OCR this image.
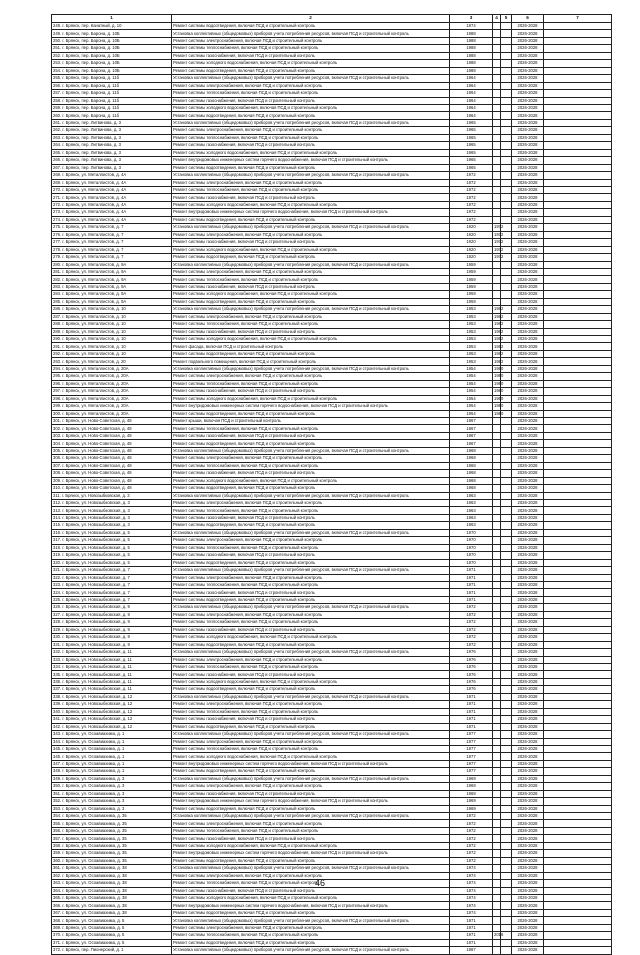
1	2	3	4	5	6	7
248. г. Брянск, пер. Канатный, д. 10	Ремонт системы водоотведения, включая ПСД и строительный контроль	1974			2026-2028	
249. г. Брянск, пер. Барона, д. 10Б	Установка коллективных (общедомовых) приборов учета потребления ресурсов, включая ПСД и строительный контроль	1988			2026-2028	
250. г. Брянск, пер. Барона, д. 10Б	Ремонт системы электроснабжения, включая ПСД и строительный контроль	1988			2026-2028	
251. г. Брянск, пер. Барона, д. 10Б	Ремонт системы теплоснабжения, включая ПСД и строительный контроль	1988			2026-2028	
252. г. Брянск, пер. Барона, д. 10Б	Ремонт системы газоснабжения, включая ПСД и строительный контроль	1988			2026-2028	
253. г. Брянск, пер. Барона, д. 10Б	Ремонт системы холодного водоснабжения, включая ПСД и строительный контроль	1988			2026-2028	
254. г. Брянск, пер. Барона, д. 10Б	Ремонт системы водоотведения, включая ПСД и строительный контроль	1988			2026-2028	
255. г. Брянск, пер. Барона, д. 11б	Установка коллективных (общедомовых) приборов учета потребления ресурсов, включая ПСД и строительный контроль	1964			2026-2028	
256. г. Брянск, пер. Барона, д. 11б	Ремонт системы электроснабжения, включая ПСД и строительный контроль	1964			2026-2028	
257. г. Брянск, пер. Барона, д. 11б	Ремонт системы теплоснабжения, включая ПСД и строительный контроль	1964			2026-2028	
258. г. Брянск, пер. Барона, д. 11б	Ремонт системы газоснабжения, включая ПСД и строительный контроль	1964			2026-2028	
259. г. Брянск, пер. Барона, д. 11б	Ремонт системы холодного водоснабжения, включая ПСД и строительный контроль	1964			2026-2028	
260. г. Брянск, пер. Барона, д. 11б	Ремонт системы водоотведения, включая ПСД и строительный контроль	1964			2026-2028	
261. г. Брянск, пер. Литвинова, д. 3	Установка коллективных (общедомовых) приборов учета потребления ресурсов, включая ПСД и строительный контроль	1965			2026-2028	
262. г. Брянск, пер. Литвинова, д. 3	Ремонт системы электроснабжения, включая ПСД и строительный контроль	1965			2026-2028	
263. г. Брянск, пер. Литвинова, д. 3	Ремонт системы теплоснабжения, включая ПСД и строительный контроль	1965			2026-2028	
264. г. Брянск, пер. Литвинова, д. 3	Ремонт системы газоснабжения, включая ПСД и строительный контроль	1965			2026-2028	
265. г. Брянск, пер. Литвинова, д. 3	Ремонт системы холодного водоснабжения, включая ПСД и строительный контроль	1965			2026-2028	
266. г. Брянск, пер. Литвинова, д. 3	Ремонт внутридомовых инженерных систем горячего водоснабжения, включая ПСД и строительный контроль	1965			2026-2028	
267. г. Брянск, пер. Литвинова, д. 3	Ремонт системы водоотведения, включая ПСД и строительный контроль	1965			2026-2028	
268. г. Брянск, ул. Металлистов, д. 4А	Установка коллективных (общедомовых) приборов учета потребления ресурсов, включая ПСД и строительный контроль	1972			2026-2028	
269. г. Брянск, ул. Металлистов, д. 4А	Ремонт системы электроснабжения, включая ПСД и строительный контроль	1972			2026-2028	
270. г. Брянск, ул. Металлистов, д. 4А	Ремонт системы теплоснабжения, включая ПСД и строительный контроль	1972			2026-2028	
271. г. Брянск, ул. Металлистов, д. 4А	Ремонт системы газоснабжения, включая ПСД и строительный контроль	1972			2026-2028	
272. г. Брянск, ул. Металлистов, д. 4А	Ремонт системы холодного водоснабжения, включая ПСД и строительный контроль	1972			2026-2028	
273. г. Брянск, ул. Металлистов, д. 4А	Ремонт внутридомовых инженерных систем горячего водоснабжения, включая ПСД и строительный контроль	1972			2026-2028	
274. г. Брянск, ул. Металлистов, д. 4А	Ремонт системы водоотведения, включая ПСД и строительный контроль	1972			2026-2028	
275. г. Брянск, ул. Металлистов, д. 7	Установка коллективных (общедомовых) приборов учета потребления ресурсов, включая ПСД и строительный контроль	1920	1972		2026-2028	
276. г. Брянск, ул. Металлистов, д. 7	Ремонт системы электроснабжения, включая ПСД и строительный контроль	1920	1972		2026-2028	
277. г. Брянск, ул. Металлистов, д. 7	Ремонт системы газоснабжения, включая ПСД и строительный контроль	1920	1972		2026-2028	
278. г. Брянск, ул. Металлистов, д. 7	Ремонт системы холодного водоснабжения, включая ПСД и строительный контроль	1920	1972		2026-2028	
279. г. Брянск, ул. Металлистов, д. 7	Ремонт системы водоотведения, включая ПСД и строительный контроль	1920	1972		2026-2028	
280. г. Брянск, ул. Металлистов, д. 9А	Установка коллективных (общедомовых) приборов учета потребления ресурсов, включая ПСД и строительный контроль	1959			2026-2028	
281. г. Брянск, ул. Металлистов, д. 9А	Ремонт системы электроснабжения, включая ПСД и строительный контроль	1959			2026-2028	
282. г. Брянск, ул. Металлистов, д. 9А	Ремонт системы теплоснабжения, включая ПСД и строительный контроль	1959			2026-2028	
283. г. Брянск, ул. Металлистов, д. 9А	Ремонт системы газоснабжения, включая ПСД и строительный контроль	1959			2026-2028	
284. г. Брянск, ул. Металлистов, д. 9А	Ремонт системы холодного водоснабжения, включая ПСД и строительный контроль	1959			2026-2028	
285. г. Брянск, ул. Металлистов, д. 9А	Ремонт системы водоотведения, включая ПСД и строительный контроль	1959			2026-2028	
286. г. Брянск, ул. Металлистов, д. 10	Установка коллективных (общедомовых) приборов учета потребления ресурсов, включая ПСД и строительный контроль	1953	1982		2026-2028	
287. г. Брянск, ул. Металлистов, д. 10	Ремонт системы электроснабжения, включая ПСД и строительный контроль	1953	1982		2026-2028	
288. г. Брянск, ул. Металлистов, д. 10	Ремонт системы теплоснабжения, включая ПСД и строительный контроль	1953	1982		2026-2028	
289. г. Брянск, ул. Металлистов, д. 10	Ремонт системы газоснабжения, включая ПСД и строительный контроль	1953	1982		2026-2028	
290. г. Брянск, ул. Металлистов, д. 10	Ремонт системы холодного водоснабжения, включая ПСД и строительный контроль	1953	1982		2026-2028	
291. г. Брянск, ул. Металлистов, д. 10	Ремонт фасада, включая ПСД и строительный контроль	1953	1982		2026-2028	
292. г. Брянск, ул. Металлистов, д. 10	Ремонт системы водоотведения, включая ПСД и строительный контроль	1953	1982		2026-2028	
293. г. Брянск, ул. Металлистов, д. 20	Ремонт подвального помещения, включая ПСД и строительный контроль	1953	1982		2026-2028	
294. г. Брянск, ул. Металлистов, д. 20А	Установка коллективных (общедомовых) приборов учета потребления ресурсов, включая ПСД и строительный контроль	1954	1980		2026-2028	
295. г. Брянск, ул. Металлистов, д. 20А	Ремонт системы электроснабжения, включая ПСД и строительный контроль	1954	1980		2026-2028	
296. г. Брянск, ул. Металлистов, д. 20А	Ремонт системы теплоснабжения, включая ПСД и строительный контроль	1954	1980		2026-2028	
297. г. Брянск, ул. Металлистов, д. 20А	Ремонт системы газоснабжения, включая ПСД и строительный контроль	1954	1980		2026-2028	
298. г. Брянск, ул. Металлистов, д. 20А	Ремонт системы холодного водоснабжения, включая ПСД и строительный контроль	1954	1980		2026-2028	
299. г. Брянск, ул. Металлистов, д. 20А	Ремонт внутридомовых инженерных систем горячего водоснабжения, включая ПСД и строительный контроль	1954	1980		2026-2028	
300. г. Брянск, ул. Металлистов, д. 20А	Ремонт системы водоотведения, включая ПСД и строительный контроль	1954	1980		2026-2028	
301. г. Брянск, ул. Ново-Советская, д. 48	Ремонт крыши, включая ПСД и строительный контроль	1967			2026-2028	
302. г. Брянск, ул. Ново-Советская, д. 48	Ремонт системы теплоснабжения, включая ПСД и строительный контроль	1967			2026-2028	
303. г. Брянск, ул. Ново-Советская, д. 48	Ремонт системы газоснабжения, включая ПСД и строительный контроль	1967			2026-2028	
304. г. Брянск, ул. Ново-Советская, д. 48	Ремонт системы водоотведения, включая ПСД и строительный контроль	1967			2026-2028	
305. г. Брянск, ул. Ново-Советская, д. 48	Установка коллективных (общедомовых) приборов учета потребления ресурсов, включая ПСД и строительный контроль	1968			2026-2028	
306. г. Брянск, ул. Ново-Советская, д. 48	Ремонт системы электроснабжения, включая ПСД и строительный контроль	1968			2026-2028	
307. г. Брянск, ул. Ново-Советская, д. 48	Ремонт системы теплоснабжения, включая ПСД и строительный контроль	1968			2026-2028	
308. г. Брянск, ул. Ново-Советская, д. 48	Ремонт системы газоснабжения, включая ПСД и строительный контроль	1968			2026-2028	
309. г. Брянск, ул. Ново-Советская, д. 48	Ремонт системы холодного водоснабжения, включая ПСД и строительный контроль	1968			2026-2028	
310. г. Брянск, ул. Ново-Советская, д. 48	Ремонт системы водоотведения, включая ПСД и строительный контроль	1968			2026-2028	
311. г. Брянск, ул. Новозыбковская, д. 3	Установка коллективных (общедомовых) приборов учета потребления ресурсов, включая ПСД и строительный контроль	1963			2026-2028	
312. г. Брянск, ул. Новозыбковская, д. 3	Ремонт системы электроснабжения, включая ПСД и строительный контроль	1963			2026-2028	
313. г. Брянск, ул. Новозыбковская, д. 3	Ремонт системы теплоснабжения, включая ПСД и строительный контроль	1963			2026-2028	
314. г. Брянск, ул. Новозыбковская, д. 3	Ремонт системы газоснабжения, включая ПСД и строительный контроль	1963			2026-2028	
315. г. Брянск, ул. Новозыбковская, д. 3	Ремонт системы водоотведения, включая ПСД и строительный контроль	1963			2026-2028	
316. г. Брянск, ул. Новозыбковская, д. 5	Установка коллективных (общедомовых) приборов учета потребления ресурсов, включая ПСД и строительный контроль	1970			2026-2028	
317. г. Брянск, ул. Новозыбковская, д. 5	Ремонт системы электроснабжения, включая ПСД и строительный контроль	1970			2026-2028	
318. г. Брянск, ул. Новозыбковская, д. 5	Ремонт системы теплоснабжения, включая ПСД и строительный контроль	1970			2026-2028	
319. г. Брянск, ул. Новозыбковская, д. 5	Ремонт системы газоснабжения, включая ПСД и строительный контроль	1970			2026-2028	
320. г. Брянск, ул. Новозыбковская, д. 5	Ремонт системы водоотведения, включая ПСД и строительный контроль	1970			2026-2028	
321. г. Брянск, ул. Новозыбковская, д. 7	Установка коллективных (общедомовых) приборов учета потребления ресурсов, включая ПСД и строительный контроль	1971			2026-2028	
322. г. Брянск, ул. Новозыбковская, д. 7	Ремонт системы электроснабжения, включая ПСД и строительный контроль	1971			2026-2028	
323. г. Брянск, ул. Новозыбковская, д. 7	Ремонт системы теплоснабжения, включая ПСД и строительный контроль	1971			2026-2028	
324. г. Брянск, ул. Новозыбковская, д. 7	Ремонт системы газоснабжения, включая ПСД и строительный контроль	1971			2026-2028	
325. г. Брянск, ул. Новозыбковская, д. 7	Ремонт системы водоотведения, включая ПСД и строительный контроль	1971			2026-2028	
326. г. Брянск, ул. Новозыбковская, д. 9	Установка коллективных (общедомовых) приборов учета потребления ресурсов, включая ПСД и строительный контроль	1972			2026-2028	
327. г. Брянск, ул. Новозыбковская, д. 9	Ремонт системы электроснабжения, включая ПСД и строительный контроль	1972			2026-2028	
328. г. Брянск, ул. Новозыбковская, д. 9	Ремонт системы теплоснабжения, включая ПСД и строительный контроль	1972			2026-2028	
329. г. Брянск, ул. Новозыбковская, д. 9	Ремонт системы газоснабжения, включая ПСД и строительный контроль	1972			2026-2028	
330. г. Брянск, ул. Новозыбковская, д. 9	Ремонт системы холодного водоснабжения, включая ПСД и строительный контроль	1972			2026-2028	
331. г. Брянск, ул. Новозыбковская, д. 9	Ремонт системы водоотведения, включая ПСД и строительный контроль	1972			2026-2028	
332. г. Брянск, ул. Новозыбковская, д. 11	Установка коллективных (общедомовых) приборов учета потребления ресурсов, включая ПСД и строительный контроль	1976			2026-2028	
333. г. Брянск, ул. Новозыбковская, д. 11	Ремонт системы электроснабжения, включая ПСД и строительный контроль	1976			2026-2028	
334. г. Брянск, ул. Новозыбковская, д. 11	Ремонт системы теплоснабжения, включая ПСД и строительный контроль	1976			2026-2028	
335. г. Брянск, ул. Новозыбковская, д. 11	Ремонт системы газоснабжения, включая ПСД и строительный контроль	1976			2026-2028	
336. г. Брянск, ул. Новозыбковская, д. 11	Ремонт системы холодного водоснабжения, включая ПСД и строительный контроль	1976			2026-2028	
337. г. Брянск, ул. Новозыбковская, д. 11	Ремонт системы водоотведения, включая ПСД и строительный контроль	1976			2026-2028	
338. г. Брянск, ул. Новозыбковская, д. 12	Установка коллективных (общедомовых) приборов учета потребления ресурсов, включая ПСД и строительный контроль	1971			2026-2028	
339. г. Брянск, ул. Новозыбковская, д. 12	Ремонт системы электроснабжения, включая ПСД и строительный контроль	1971			2026-2028	
340. г. Брянск, ул. Новозыбковская, д. 12	Ремонт системы теплоснабжения, включая ПСД и строительный контроль	1971			2026-2028	
341. г. Брянск, ул. Новозыбковская, д. 12	Ремонт системы газоснабжения, включая ПСД и строительный контроль	1971			2026-2028	
342. г. Брянск, ул. Новозыбковская, д. 12	Ремонт системы водоотведения, включая ПСД и строительный контроль	1971			2026-2028	
343. г. Брянск, ул. Осоавиахима, д. 1	Установка коллективных (общедомовых) приборов учета потребления ресурсов, включая ПСД и строительный контроль	1977			2026-2028	
344. г. Брянск, ул. Осоавиахима, д. 1	Ремонт системы электроснабжения, включая ПСД и строительный контроль	1977			2026-2028	
345. г. Брянск, ул. Осоавиахима, д. 1	Ремонт системы теплоснабжения, включая ПСД и строительный контроль	1977			2026-2028	
346. г. Брянск, ул. Осоавиахима, д. 1	Ремонт системы холодного водоснабжения, включая ПСД и строительный контроль	1977			2026-2028	
347. г. Брянск, ул. Осоавиахима, д. 1	Ремонт внутридомовых инженерных систем горячего водоснабжения, включая ПСД и строительный контроль	1977			2026-2028	
348. г. Брянск, ул. Осоавиахима, д. 1	Ремонт системы водоотведения, включая ПСД и строительный контроль	1977			2026-2028	
349. г. Брянск, ул. Осоавиахима, д. 3	Установка коллективных (общедомовых) приборов учета потребления ресурсов, включая ПСД и строительный контроль	1969			2026-2028	
350. г. Брянск, ул. Осоавиахима, д. 3	Ремонт системы электроснабжения, включая ПСД и строительный контроль	1969			2026-2028	
351. г. Брянск, ул. Осоавиахима, д. 3	Ремонт системы газоснабжения, включая ПСД и строительный контроль	1969			2026-2028	
352. г. Брянск, ул. Осоавиахима, д. 3	Ремонт внутридомовых инженерных систем горячего водоснабжения, включая ПСД и строительный контроль	1969			2026-2028	
353. г. Брянск, ул. Осоавиахима, д. 3	Ремонт системы водоотведения, включая ПСД и строительный контроль	1969			2026-2028	
354. г. Брянск, ул. Осоавиахима, д. 35	Установка коллективных (общедомовых) приборов учета потребления ресурсов, включая ПСД и строительный контроль	1972			2026-2028	
355. г. Брянск, ул. Осоавиахима, д. 35	Ремонт системы электроснабжения, включая ПСД и строительный контроль	1972			2026-2028	
356. г. Брянск, ул. Осоавиахима, д. 35	Ремонт системы теплоснабжения, включая ПСД и строительный контроль	1972			2026-2028	
357. г. Брянск, ул. Осоавиахима, д. 35	Ремонт системы газоснабжения, включая ПСД и строительный контроль	1972			2026-2028	
358. г. Брянск, ул. Осоавиахима, д. 35	Ремонт системы холодного водоснабжения, включая ПСД и строительный контроль	1972			2026-2028	
359. г. Брянск, ул. Осоавиахима, д. 35	Ремонт внутридомовых инженерных систем горячего водоснабжения, включая ПСД и строительный контроль	1972			2026-2028	
360. г. Брянск, ул. Осоавиахима, д. 35	Ремонт системы водоотведения, включая ПСД и строительный контроль	1972			2026-2028	
361. г. Брянск, ул. Осоавиахима, д. 38	Установка коллективных (общедомовых) приборов учета потребления ресурсов, включая ПСД и строительный контроль	1974			2026-2028	
362. г. Брянск, ул. Осоавиахима, д. 38	Ремонт системы электроснабжения, включая ПСД и строительный контроль	1974			2026-2028	
363. г. Брянск, ул. Осоавиахима, д. 38	Ремонт системы теплоснабжения, включая ПСД и строительный контроль	1974			2026-2028	
364. г. Брянск, ул. Осоавиахима, д. 38	Ремонт системы газоснабжения, включая ПСД и строительный контроль	1974			2026-2028	
365. г. Брянск, ул. Осоавиахима, д. 38	Ремонт системы холодного водоснабжения, включая ПСД и строительный контроль	1974			2026-2028	
366. г. Брянск, ул. Осоавиахима, д. 38	Ремонт внутридомовых инженерных систем горячего водоснабжения, включая ПСД и строительный контроль	1974			2026-2028	
367. г. Брянск, ул. Осоавиахима, д. 38	Ремонт системы водоотведения, включая ПСД и строительный контроль	1974			2026-2028	
368. г. Брянск, ул. Осоавиахима, д. 5	Установка коллективных (общедомовых) приборов учета потребления ресурсов, включая ПСД и строительный контроль	1971			2026-2028	
369. г. Брянск, ул. Осоавиахима, д. 5	Ремонт системы электроснабжения, включая ПСД и строительный контроль	1971			2026-2028	
370. г. Брянск, ул. Осоавиахима, д. 5	Ремонт системы теплоснабжения, включая ПСД и строительный контроль	1971	2016		2026-2028	
371. г. Брянск, ул. Осоавиахима, д. 5	Ремонт системы водоотведения, включая ПСД и строительный контроль	1971			2026-2028	
372. г. Брянск, пер. Пионерский, д. 1	Установка коллективных (общедомовых) приборов учета потребления ресурсов, включая ПСД и строительный контроль	1987			2026-2028	
46
